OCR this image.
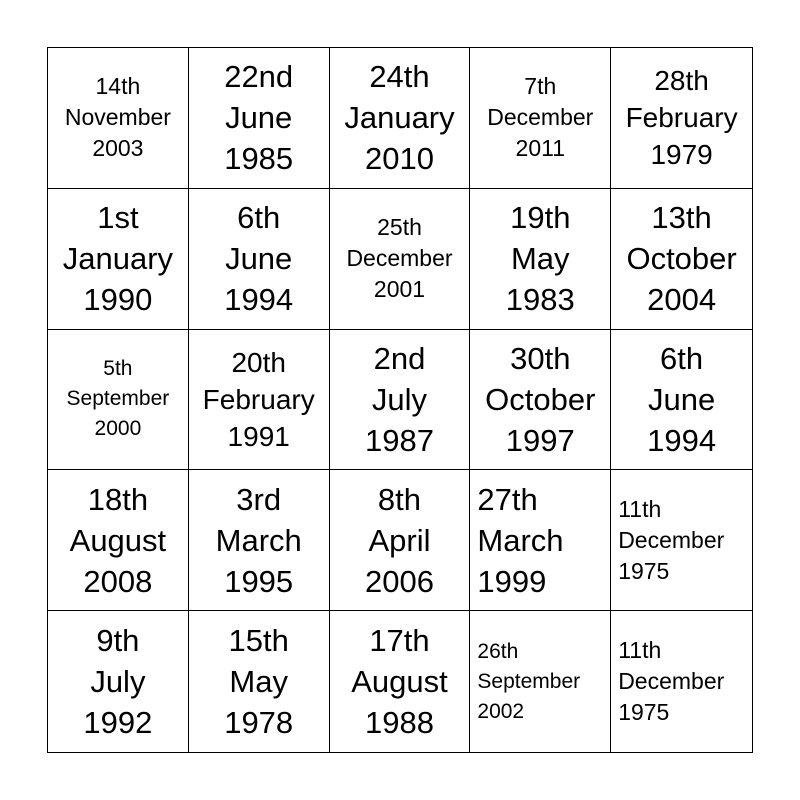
14th
November
2003
22nd
June
1985
24th
January
2010
7th
December
2011
28th
February
1979
1st
January
1990
6th
June
1994
25th
December
2001
19th
May
1983
13th
October
2004
5th
September
2000
20th
February
1991
2nd
July
1987
30th
October
1997
6th
June
1994
18th
August
2008
3rd
March
1995
8th
April
2006
27th
March
1999
11th
December
1975
9th
July
1992
15th
May
1978
17th
August
1988
26th
September
2002
11th
December
1975
